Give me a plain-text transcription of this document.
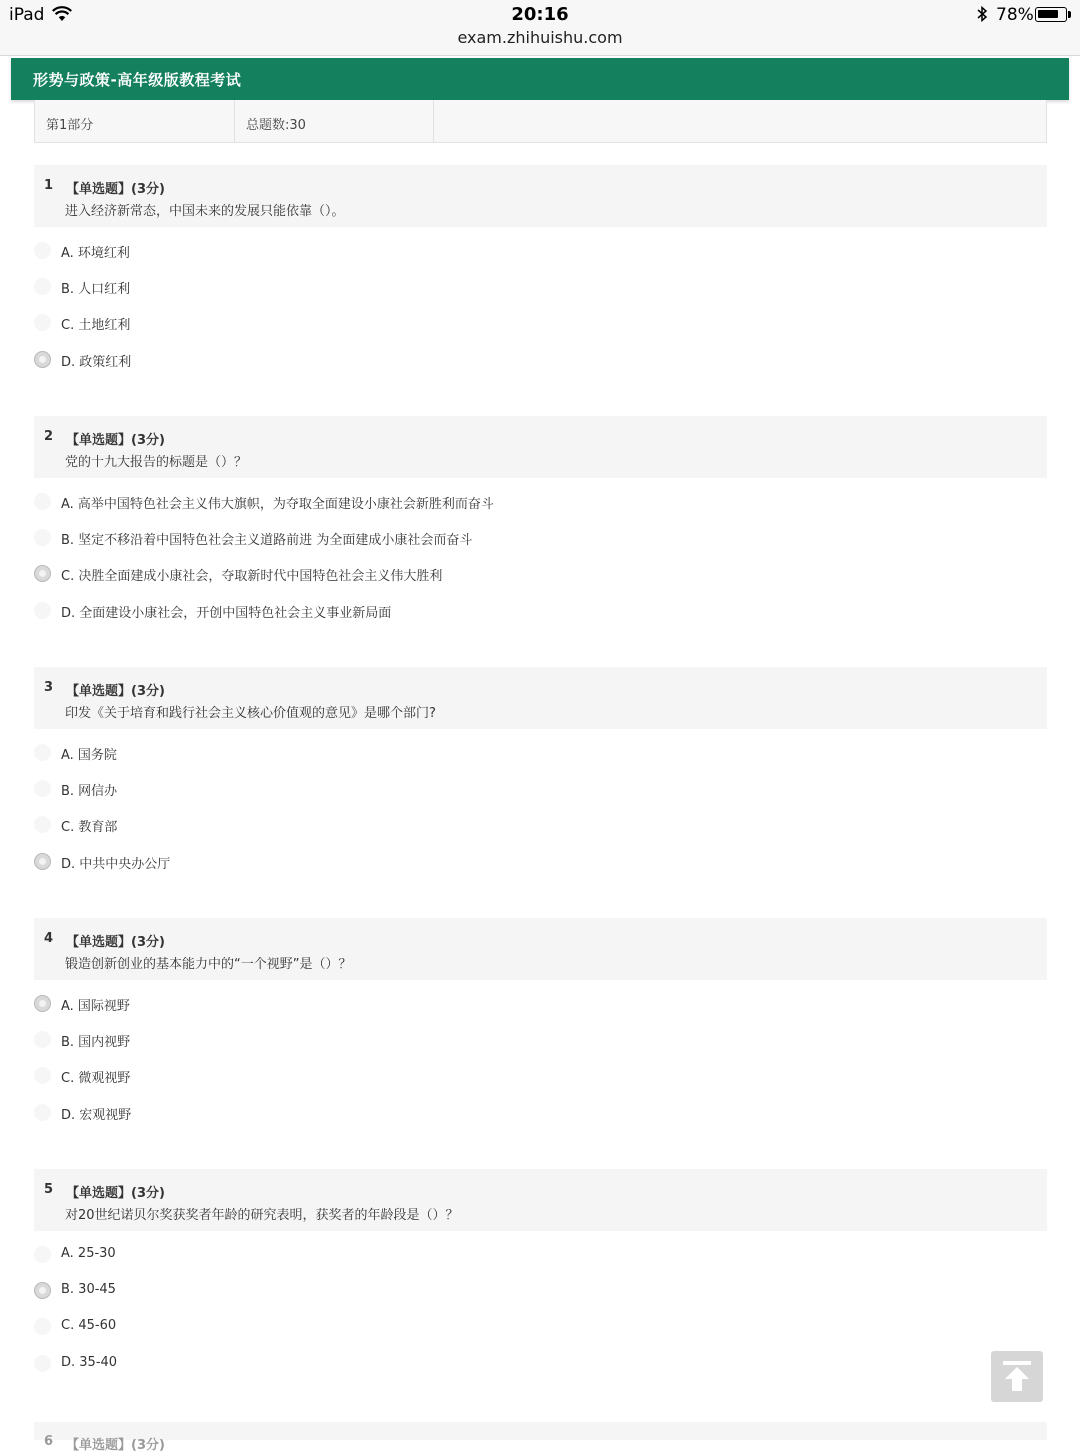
iPad	20:16
exam.zhihuishu.com
78%
形势与政策-高年级版教程考试
第1部分	总题数:30
1 【单选题】(3分)
进入经济新常态，中国未来的发展只能依靠（）。
A. 环境红利
B. 人口红利
C. 土地红利
D. 政策红利
2 【单选题】(3分)
党的十九大报告的标题是（）？
A. 高举中国特色社会主义伟大旗帜，为夺取全面建设小康社会新胜利而奋斗
B. 坚定不移沿着中国特色社会主义道路前进 为全面建成小康社会而奋斗
C. 决胜全面建成小康社会，夺取新时代中国特色社会主义伟大胜利
D. 全面建设小康社会，开创中国特色社会主义事业新局面
3 【单选题】(3分)
印发《关于培育和践行社会主义核心价值观的意见》是哪个部门?
A. 国务院
B. 网信办
C. 教育部
D. 中共中央办公厅
4 【单选题】(3分)
锻造创新创业的基本能力中的“一个视野”是（）？
A. 国际视野
B. 国内视野
C. 微观视野
D. 宏观视野
5 【单选题】(3分)
对20世纪诺贝尔奖获奖者年龄的研究表明，获奖者的年龄段是（）？
A. 25-30
B. 30-45
C. 45-60
D. 35-40
6 【单选题】(3分)
